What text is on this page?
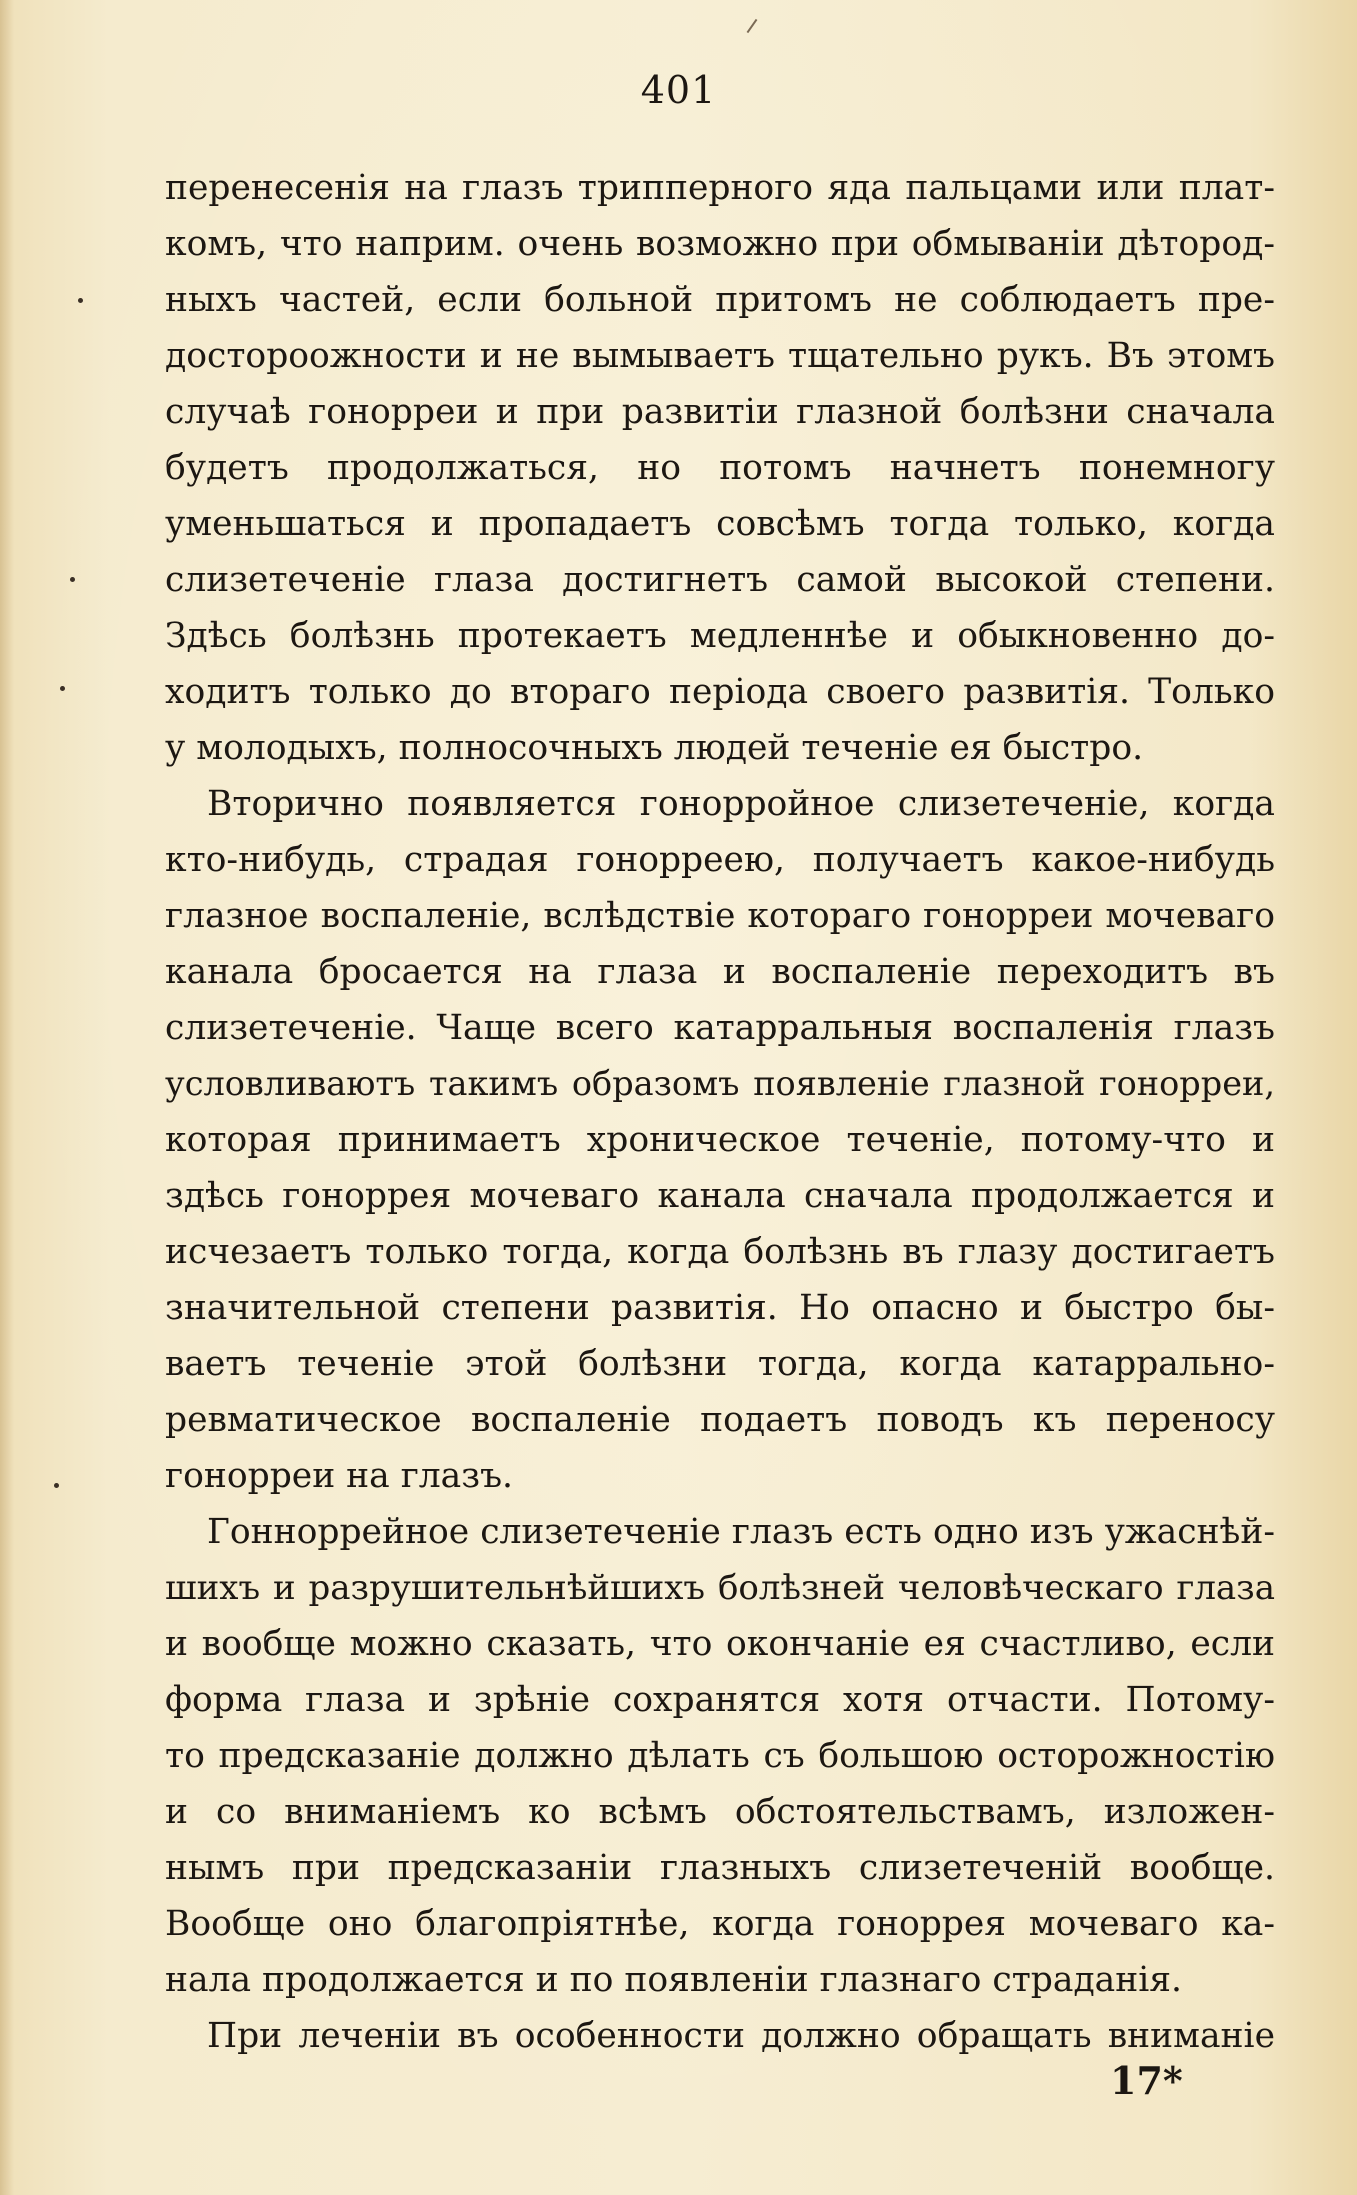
401
перенесенія на глазъ трипперного яда пальцами или плат-
комъ, что наприм. очень возможно при обмываніи дѣтород-
ныхъ частей, если больной притомъ не соблюдаетъ пре-
достороожности и не вымываетъ тщательно рукъ. Въ этомъ
случаѣ гонорреи и при развитіи глазной болѣзни сначала
будетъ продолжаться, но потомъ начнетъ понемногу
уменьшаться и пропадаетъ совсѣмъ тогда только, когда
слизетеченіе глаза достигнетъ самой высокой степени.
Здѣсь болѣзнь протекаетъ медленнѣе и обыкновенно до-
ходитъ только до втораго періода своего развитія. Только
у молодыхъ, полносочныхъ людей теченіе ея быстро.
Вторично появляется гонорройное слизетеченіе, когда
кто-нибудь, страдая гонорреею, получаетъ какое-нибудь
глазное воспаленіе, вслѣдствіе котораго гонорреи мочеваго
канала бросается на глаза и воспаленіе переходитъ въ
слизетеченіе. Чаще всего катарральныя воспаленія глазъ
условливаютъ такимъ образомъ появленіе глазной гонорреи,
которая принимаетъ хроническое теченіе, потому-что и
здѣсь гоноррея мочеваго канала сначала продолжается и
исчезаетъ только тогда, когда болѣзнь въ глазу достигаетъ
значительной степени развитія. Но опасно и быстро бы-
ваетъ теченіе этой болѣзни тогда, когда катаррально-
ревматическое воспаленіе подаетъ поводъ къ переносу
гонорреи на глазъ.
Гонноррейное слизетеченіе глазъ есть одно изъ ужаснѣй-
шихъ и разрушительнѣйшихъ болѣзней человѣческаго глаза
и вообще можно сказать, что окончаніе ея счастливо, если
форма глаза и зрѣніе сохранятся хотя отчасти. Потому-
то предсказаніе должно дѣлать съ большою осторожностію
и со вниманіемъ ко всѣмъ обстоятельствамъ, изложен-
нымъ при предсказаніи глазныхъ слизетеченій вообще.
Вообще оно благопріятнѣе, когда гоноррея мочеваго ка-
нала продолжается и по появленіи глазнаго страданія.
При леченіи въ особенности должно обращать вниманіе
17*
